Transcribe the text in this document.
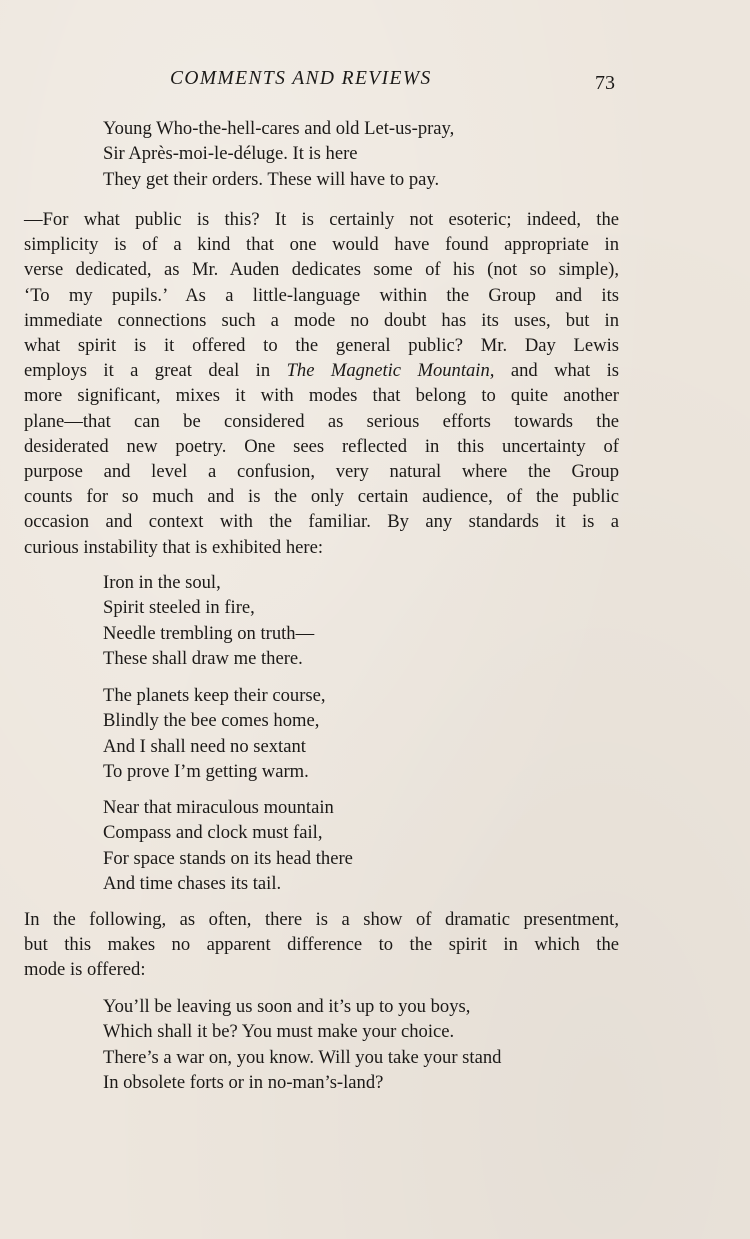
COMMENTS AND REVIEWS	73
Young Who-the-hell-cares and old Let-us-pray,
Sir Après-moi-le-déluge. It is here
They get their orders. These will have to pay.
—For what public is this? It is certainly not esoteric; indeed, the
simplicity is of a kind that one would have found appropriate in
verse dedicated, as Mr. Auden dedicates some of his (not so simple),
‘To my pupils.’ As a little-language within the Group and its
immediate connections such a mode no doubt has its uses, but in
what spirit is it offered to the general public? Mr. Day Lewis
employs it a great deal in The Magnetic Mountain, and what is
more significant, mixes it with modes that belong to quite another
plane—that can be considered as serious efforts towards the
desiderated new poetry. One sees reflected in this uncertainty of
purpose and level a confusion, very natural where the Group
counts for so much and is the only certain audience, of the public
occasion and context with the familiar. By any standards it is a
curious instability that is exhibited here:
Iron in the soul,
Spirit steeled in fire,
Needle trembling on truth—
These shall draw me there.
The planets keep their course,
Blindly the bee comes home,
And I shall need no sextant
To prove I’m getting warm.
Near that miraculous mountain
Compass and clock must fail,
For space stands on its head there
And time chases its tail.
In the following, as often, there is a show of dramatic presentment,
but this makes no apparent difference to the spirit in which the
mode is offered:
You’ll be leaving us soon and it’s up to you boys,
Which shall it be? You must make your choice.
There’s a war on, you know. Will you take your stand
In obsolete forts or in no-man’s-land?
